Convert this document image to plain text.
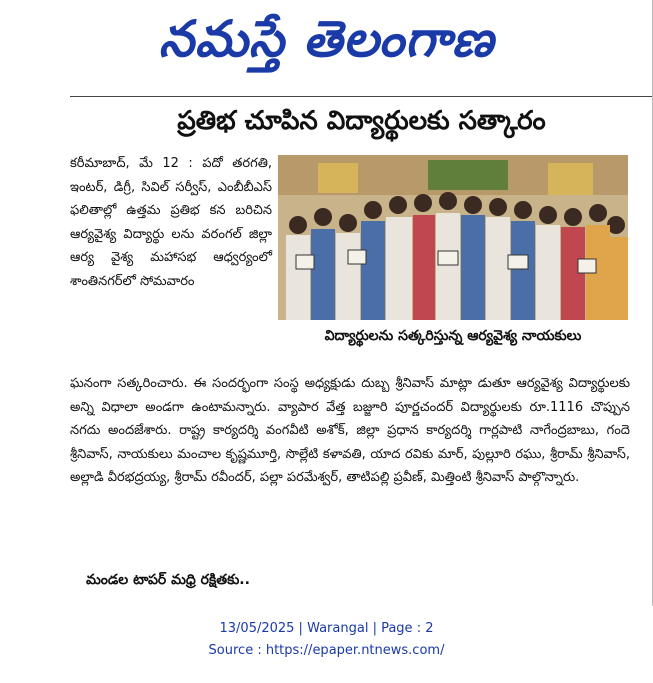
నమస్తే తెలంగాణ
ప్రతిభ చూపిన విద్యార్థులకు సత్కారం

కరీమాబాద్, మే 12 : పదో తరగతి, ఇంటర్, డిగ్రీ, సివిల్ సర్వీస్, ఎంబీబీఎస్ ఫలితాల్లో ఉత్తమ ప్రతిభ కన బరిచిన ఆర్యవైశ్య విద్యార్థు లను వరంగల్ జిల్లా ఆర్య వైశ్య మహాసభ ఆధ్వర్యంలో శాంతినగర్‌లో సోమవారం

విద్యార్థులను సత్కరిస్తున్న ఆర్యవైశ్య నాయకులు

ఘనంగా సత్కరించారు. ఈ సందర్భంగా సంస్థ అధ్యక్షుడు దుబ్బ శ్రీనివాస్ మాట్లా డుతూ ఆర్యవైశ్య విద్యార్థులకు అన్ని విధాలా అండగా ఉంటామన్నారు. వ్యాపార వేత్త బజ్జూరి పూర్ణచందర్ విద్యార్థులకు రూ.1116 చొప్పున నగదు అందజేశారు. రాష్ట్ర కార్యదర్శి వంగవీటి అశోక్, జిల్లా ప్రధాన కార్యదర్శి గార్లపాటి నాగేంద్రబాబు, గందె శ్రీనివాస్, నాయకులు మంచాల కృష్ణమూర్తి, సొల్లేటి కళావతి, యాద రవికు మార్, పుల్లూరి రఘు, శ్రీరామ్ శ్రీనివాస్, అల్లాడి వీరభద్రయ్య, శ్రీరామ్ రవీందర్, పల్లా పరమేశ్వర్, తాటిపల్లి ప్రవీణ్, మిత్తింటి శ్రీనివాస్ పాల్గొన్నారు.

మండల టాపర్ మధ్రి రక్షితకు..
13/05/2025 | Warangal | Page : 2
Source : https://epaper.ntnews.com/
